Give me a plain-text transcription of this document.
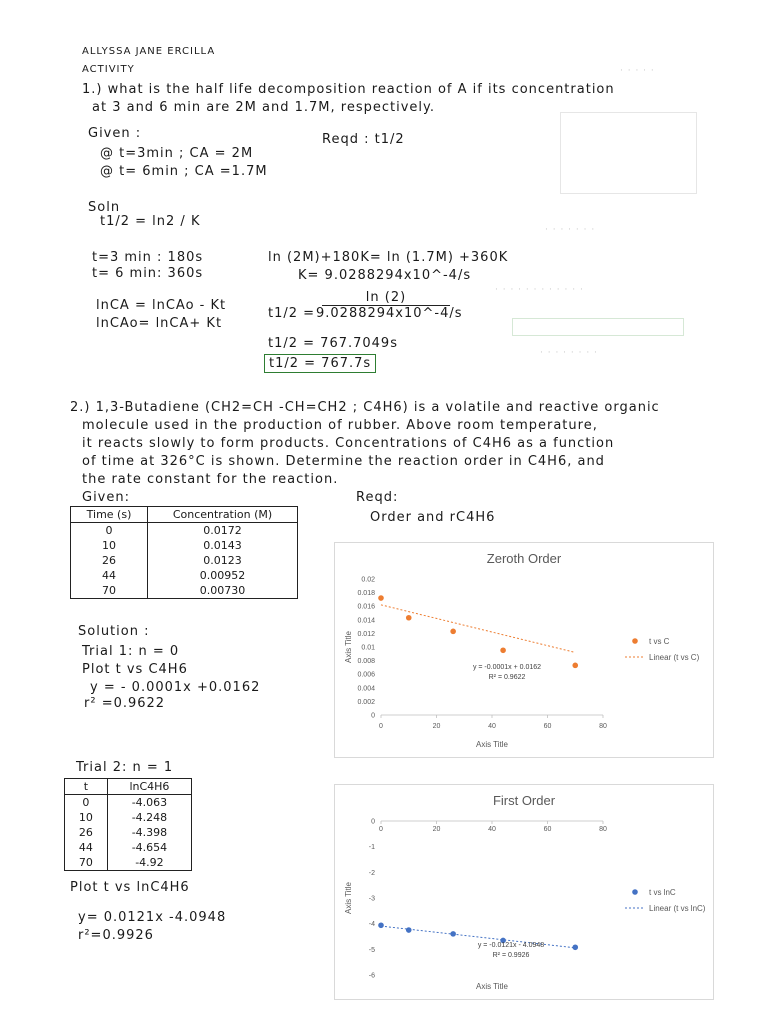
· · · · ·
· · · · · · ·
· · · · · · · · · · · ·
· · · · · · · ·
ALLYSSA JANE ERCILLA
ACTIVITY
1.) what is the half life decomposition reaction of A if its concentration
at 3 and 6 min are 2M and 1.7M, respectively.
Given :	Reqd : t1/2
@ t=3min ; CA = 2M
@ t= 6min ; CA =1.7M
Soln
t1/2 = ln2 / K
t=3 min : 180s
t= 6 min: 360s
ln (2M)+180K= ln (1.7M) +360K
K= 9.0288294x10^-4/s
lnCA = lnCAo - Kt
lnCAo= lnCA+ Kt
t1/2 =
ln (2)
9.0288294x10^-4/s
t1/2 = 767.7049s
t1/2 = 767.7s
2.) 1,3-Butadiene (CH2=CH -CH=CH2 ; C4H6) is a volatile and reactive organic
molecule used in the production of rubber. Above room temperature,
it reacts slowly to form products. Concentrations of C4H6 as a function
of time at 326°C is shown. Determine the reaction order in C4H6, and
the rate constant for the reaction.
Given:	Reqd:
Order and rC4H6
Time (s)	Concentration (M)
0	0.0172
10	0.0143
26	0.0123
44	0.00952
70	0.00730
Solution :
Trial 1: n = 0
Plot t vs C4H6
y = - 0.0001x +0.0162
r² =0.9622
Trial 2: n = 1
t	lnC4H6
0	-4.063
10	-4.248
26	-4.398
44	-4.654
70	-4.92
Plot t vs lnC4H6
y= 0.0121x -4.0948
r²=0.9926
Zeroth Order
0
0.002
0.004
0.006
0.008
0.01
0.012
0.014
0.016
0.018
0.02
0	20	40	60	80
Axis Title
Axis Title
y = -0.0001x + 0.0162
R² = 0.9622
t vs C
Linear (t vs C)
First Order
0
-1
-2
-3
-4
-5
-6
0	20	40	60	80
Axis Title
Axis Title
y = -0.0121x - 4.0948
R² = 0.9926
t vs lnC
Linear (t vs lnC)
